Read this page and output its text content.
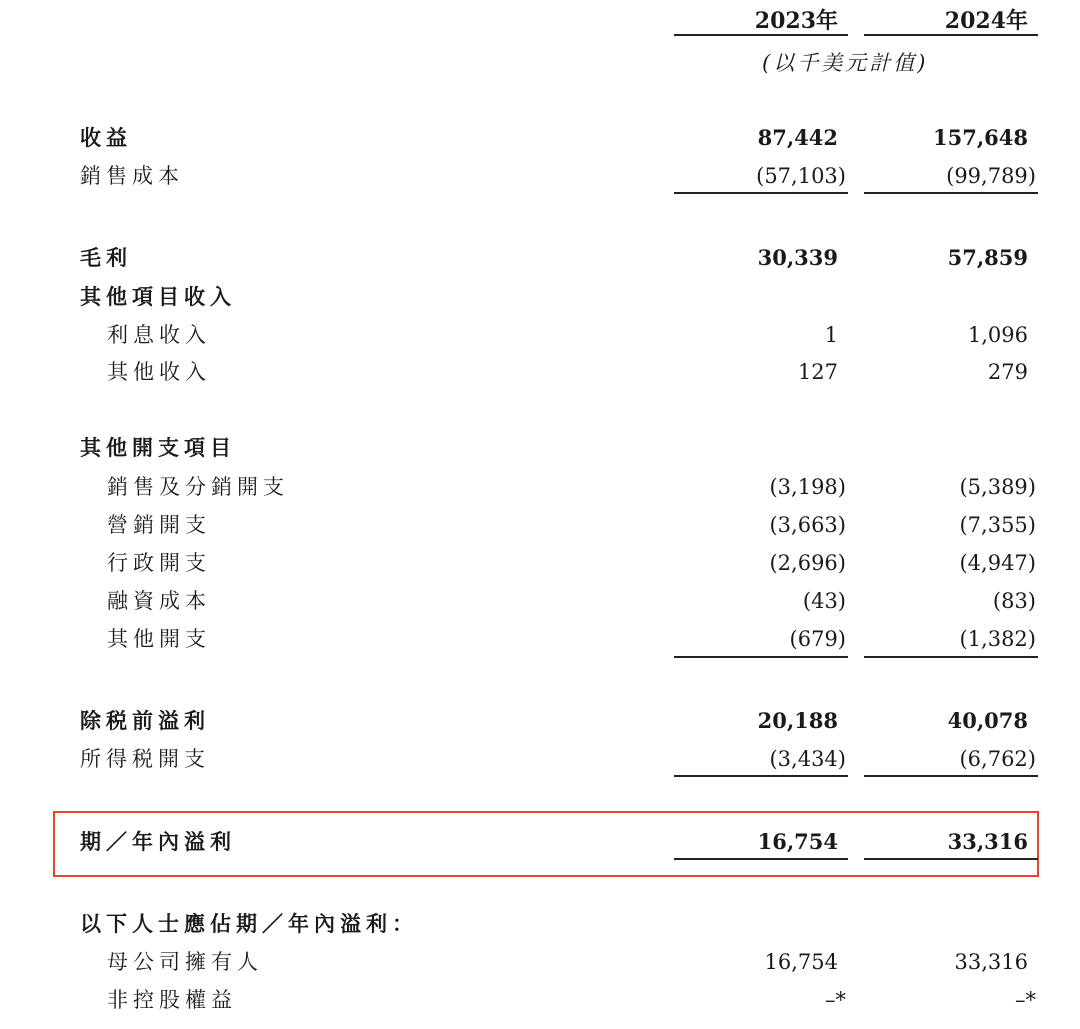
2023年	2024年
(以千美元計值)
收益	87,442	157,648
銷售成本	(57,103)	(99,789)
毛利	30,339	57,859
其他項目收入
利息收入	1	1,096
其他收入	127	279
其他開支項目
銷售及分銷開支	(3,198)	(5,389)
營銷開支	(3,663)	(7,355)
行政開支	(2,696)	(4,947)
融資成本	(43)	(83)
其他開支	(679)	(1,382)
除税前溢利	20,188	40,078
所得税開支	(3,434)	(6,762)
期／年內溢利	16,754	33,316
以下人士應佔期／年內溢利：
母公司擁有人	16,754	33,316
非控股權益	–*	–*
